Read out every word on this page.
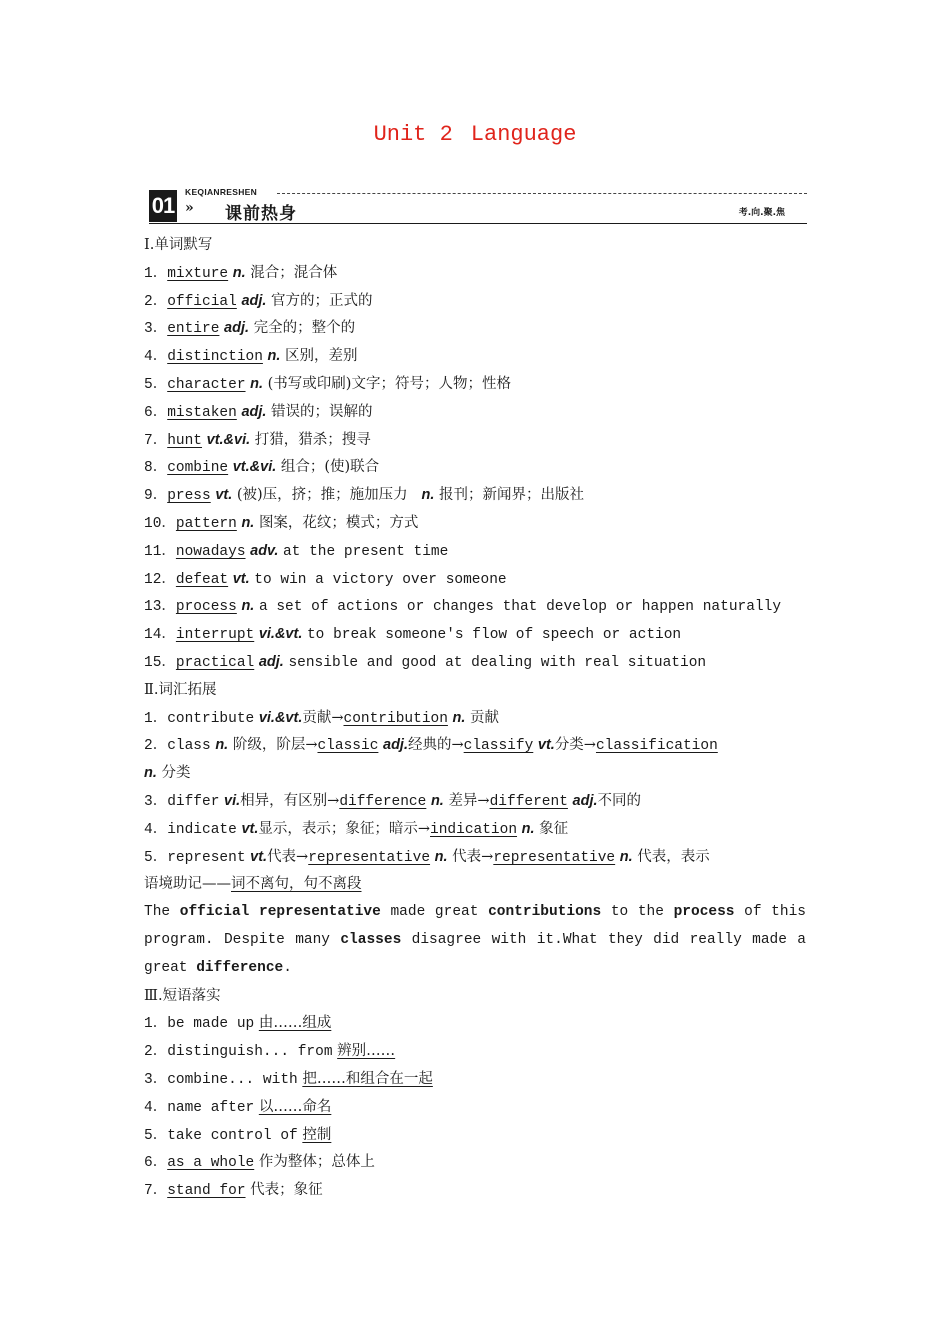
Unit 2 Language
01
KEQIANRESHEN
» 课前热身	考.向.聚.焦
Ⅰ.单词默写
1．mixture n. 混合；混合体
2．official adj. 官方的；正式的
3．entire adj. 完全的；整个的
4．distinction n. 区别，差别
5．character n. (书写或印刷)文字；符号；人物；性格
6．mistaken adj. 错误的；误解的
7．hunt vt.&vi. 打猎，猎杀；搜寻
8．combine vt.&vi. 组合；(使)联合
9．press vt. (被)压，挤；推；施加压力 n. 报刊；新闻界；出版社
10．pattern n. 图案，花纹；模式；方式
11．nowadays adv. at the present time
12．defeat vt. to win a victory over someone
13．process n. a set of actions or changes that develop or happen naturally
14．interrupt vi.&vt. to break someone's flow of speech or action
15．practical adj. sensible and good at dealing with real situation
Ⅱ.词汇拓展
1．contribute vi.&vt.贡献→contribution n. 贡献
2．class n. 阶级，阶层→classic adj.经典的→classify vt.分类→classification
n. 分类
3．differ vi.相异，有区别→difference n. 差异→different adj.不同的
4．indicate vt.显示，表示；象征；暗示→indication n. 象征
5．represent vt.代表→representative n. 代表→representative n. 代表，表示
语境助记——词不离句，句不离段
The official representative made great contributions to the process of this program. Despite many classes disagree with it.What they did really made a great difference.
Ⅲ.短语落实
1．be made up 由……组成
2．distinguish... from 辨别……
3．combine... with 把……和组合在一起
4．name after 以……命名
5．take control of 控制
6．as a whole 作为整体；总体上
7．stand for 代表；象征
